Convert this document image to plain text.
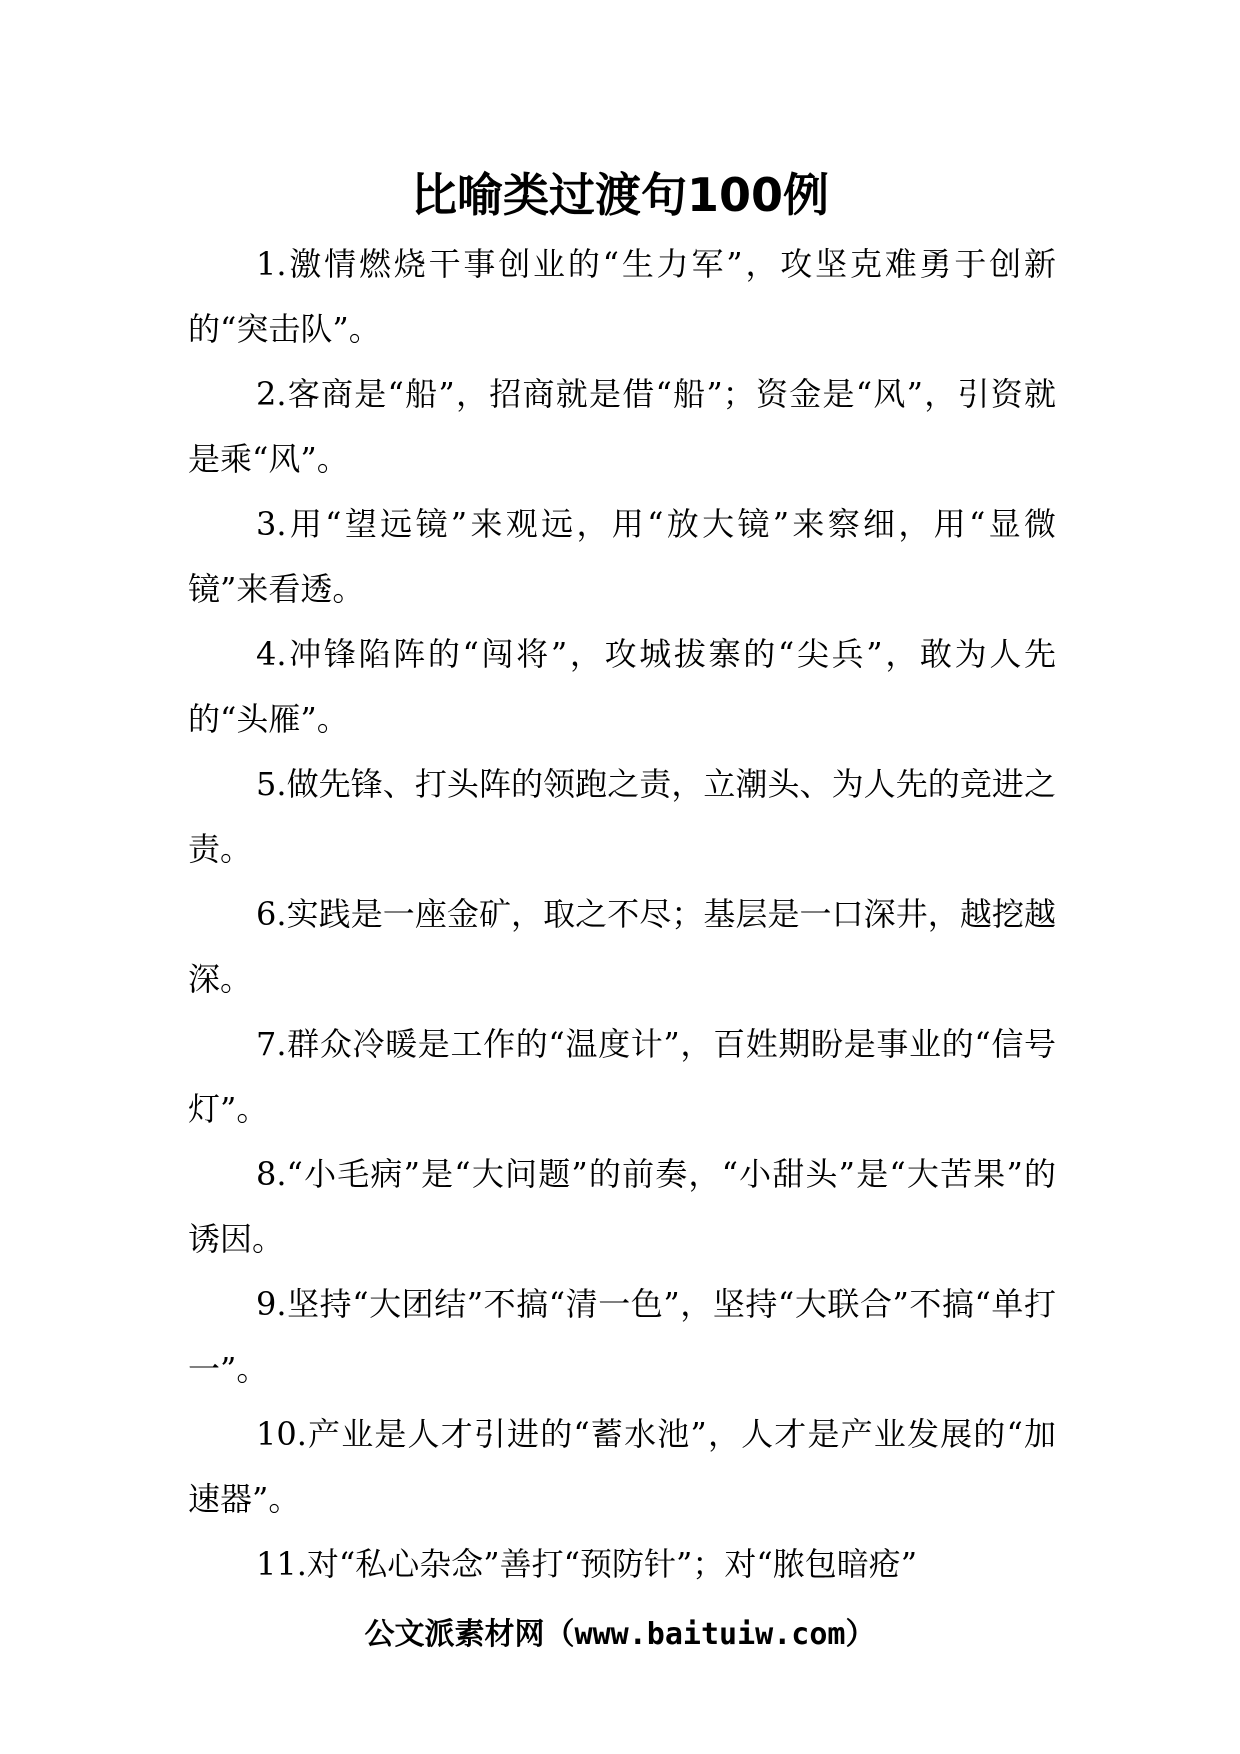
比喻类过渡句100例

1.激情燃烧干事创业的“生力军”，攻坚克难勇于创新的“突击队”。

2.客商是“船”，招商就是借“船”；资金是“风”，引资就是乘“风”。

3.用“望远镜”来观远，用“放大镜”来察细，用“显微镜”来看透。

4.冲锋陷阵的“闯将”，攻城拔寨的“尖兵”，敢为人先的“头雁”。

5.做先锋、打头阵的领跑之责，立潮头、为人先的竞进之责。

6.实践是一座金矿，取之不尽；基层是一口深井，越挖越深。

7.群众冷暖是工作的“温度计”，百姓期盼是事业的“信号灯”。

8.“小毛病”是“大问题”的前奏，“小甜头”是“大苦果”的诱因。

9.坚持“大团结”不搞“清一色”，坚持“大联合”不搞“单打一”。

10.产业是人才引进的“蓄水池”，人才是产业发展的“加速器”。

11.对“私心杂念”善打“预防针”；对“脓包暗疮”

公文派素材网（www.baituiw.com）
